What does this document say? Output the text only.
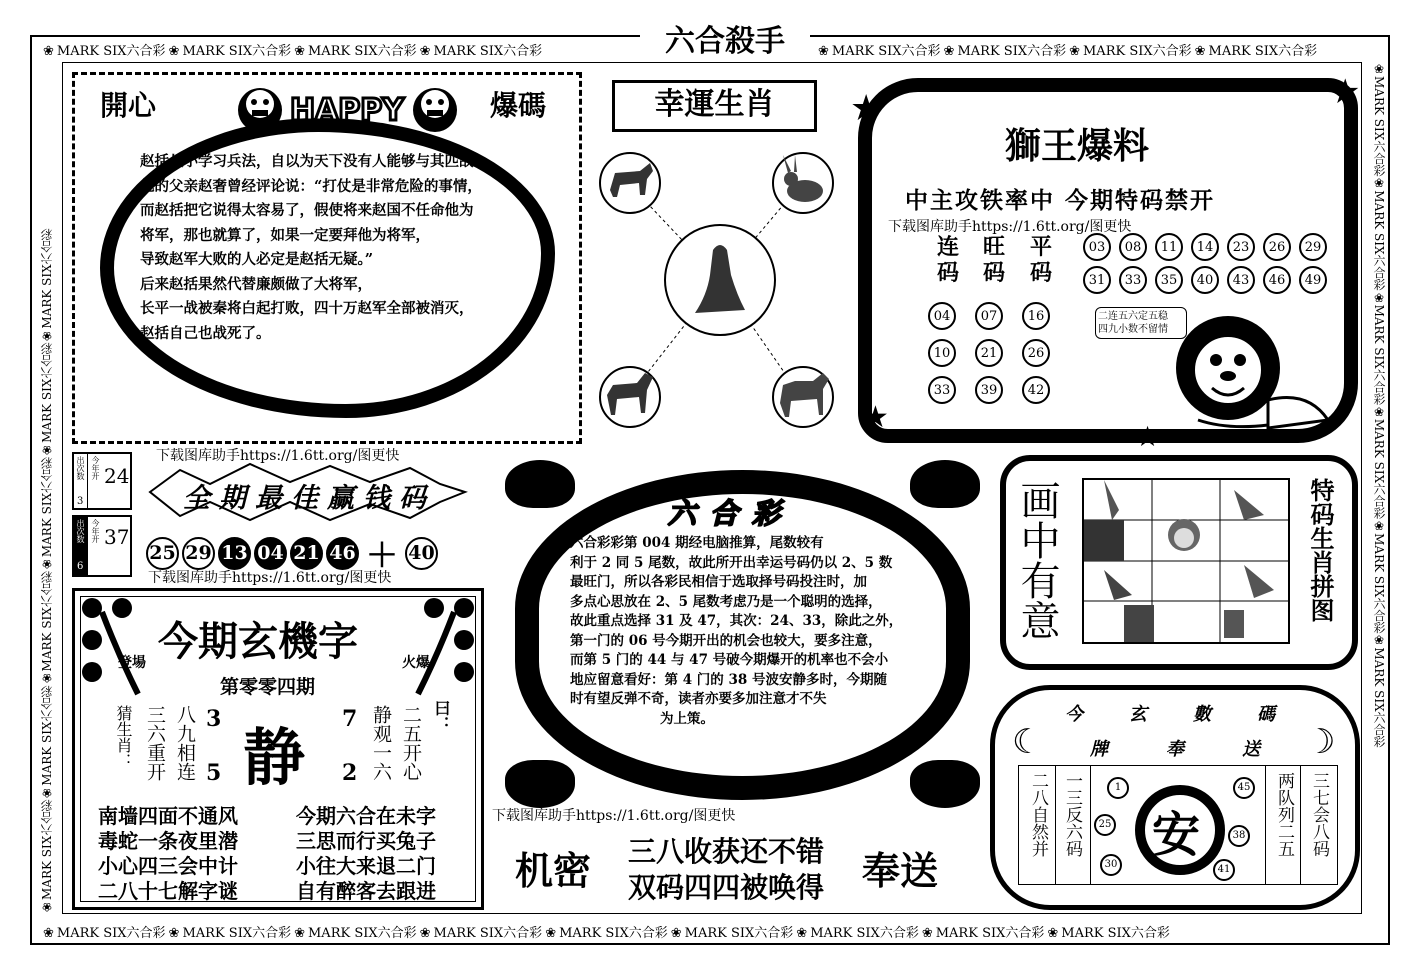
六合殺手
❀ MARK SIX六合彩 ❀ MARK SIX六合彩 ❀ MARK SIX六合彩 ❀ MARK SIX六合彩	❀ MARK SIX六合彩 ❀ MARK SIX六合彩 ❀ MARK SIX六合彩 ❀ MARK SIX六合彩
❀ MARK SIX六合彩 ❀ MARK SIX六合彩 ❀ MARK SIX六合彩 ❀ MARK SIX六合彩 ❀ MARK SIX六合彩 ❀ MARK SIX六合彩 ❀ MARK SIX六合彩 ❀ MARK SIX六合彩 ❀ MARK SIX六合彩
❀MARK SIX六合彩❀MARK SIX六合彩❀MARK SIX六合彩❀MARK SIX六合彩❀MARK SIX六合彩❀MARK SIX六合彩
❀MARK SIX六合彩❀MARK SIX六合彩❀MARK SIX六合彩❀MARK SIX六合彩❀MARK SIX六合彩❀MARK SIX六合彩
開心	爆碼
HAPPY
赵括从小学习兵法，自以为天下没有人能够与其匹敌。
他的父亲赵奢曾经评论说：“打仗是非常危险的事情，
而赵括把它说得太容易了，假使将来赵国不任命他为
将军，那也就算了，如果一定要拜他为将军，
导致赵军大败的人必定是赵括无疑。”
后来赵括果然代替廉颇做了大将军，
长平一战被秦将白起打败，四十万赵军全部被消灭，
赵括自己也战死了。
幸運生肖	★	★
★
★
獅王爆料
中主攻铁率中 今期特码禁开
下载图库助手https://1.6tt.org/图更快
连码
旺码
平码
03	08	11	14	23	26	29
31	33	35	40	43	46	49
04	07	16
10	21	26
33	39	42
二连五六定五稳
四九小数不留情
下载图库助手https://1.6tt.org/图更快
出次数 今年开
3
24
出次数 今年开
6
37
全期最佳赢钱码
25 29 13 04 21 46 ＋ 40
下载图库助手https://1.6tt.org/图更快
今期玄機字
登場	火爆
第零零四期
猜生肖： 三六重开 八九相连 3
5 静
7
2 静观一六 二五开心 曰：
南墙四面不通风
毒蛇一条夜里潜
小心四三会中计
二八十七解字谜
今期六合在未字
三思而行买兔子
小往大来退二门
自有醉客去跟进
六合彩
六合彩彩第 004 期经电脑推算，尾数较有
利于 2 同 5 尾数，故此所开出幸运号码仍以 2、5 数
最旺门，所以各彩民相信于选取择号码投注时，加
多点心思放在 2、5 尾数考虑乃是一个聪明的选择，
故此重点选择 31 及 47，其次：24、33，除此之外，
第一门的 06 号今期开出的机会也较大，要多注意，
而第 5 门的 44 与 47 号破今期爆开的机率也不会小
地应留意看好：第 4 门的 38 号波安静多时，今期随
时有望反弹不奇，读者亦要多加注意才不失
为上策。
下载图库助手https://1.6tt.org/图更快
机密 三八收获还不错
双码四四被唤得 奉送
画中有意	特码生肖拼图
今	玄	數	碼
牌	奉	送
☾	☾
二八自然并 一三反六码 安
1
25
30
45
38
41
两队列二五 三七会八码
